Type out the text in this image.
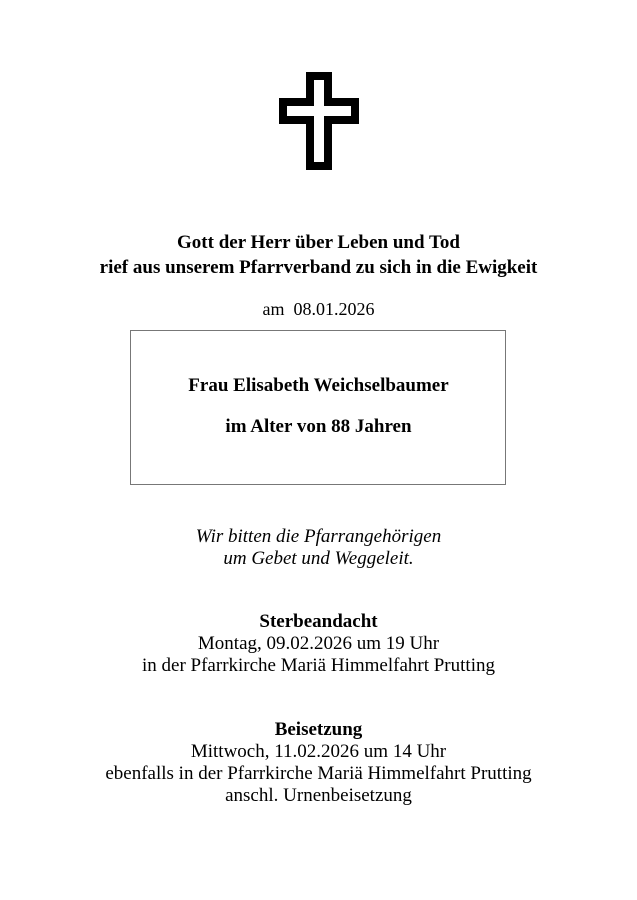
Gott der Herr über Leben und Tod
rief aus unserem Pfarrverband zu sich in die Ewigkeit
am  08.01.2026
Frau Elisabeth Weichselbaumer
im Alter von 88 Jahren
Wir bitten die Pfarrangehörigen
um Gebet und Weggeleit.
Sterbeandacht
Montag, 09.02.2026 um 19 Uhr
in der Pfarrkirche Mariä Himmelfahrt Prutting
Beisetzung
Mittwoch, 11.02.2026 um 14 Uhr
ebenfalls in der Pfarrkirche Mariä Himmelfahrt Prutting
anschl. Urnenbeisetzung
